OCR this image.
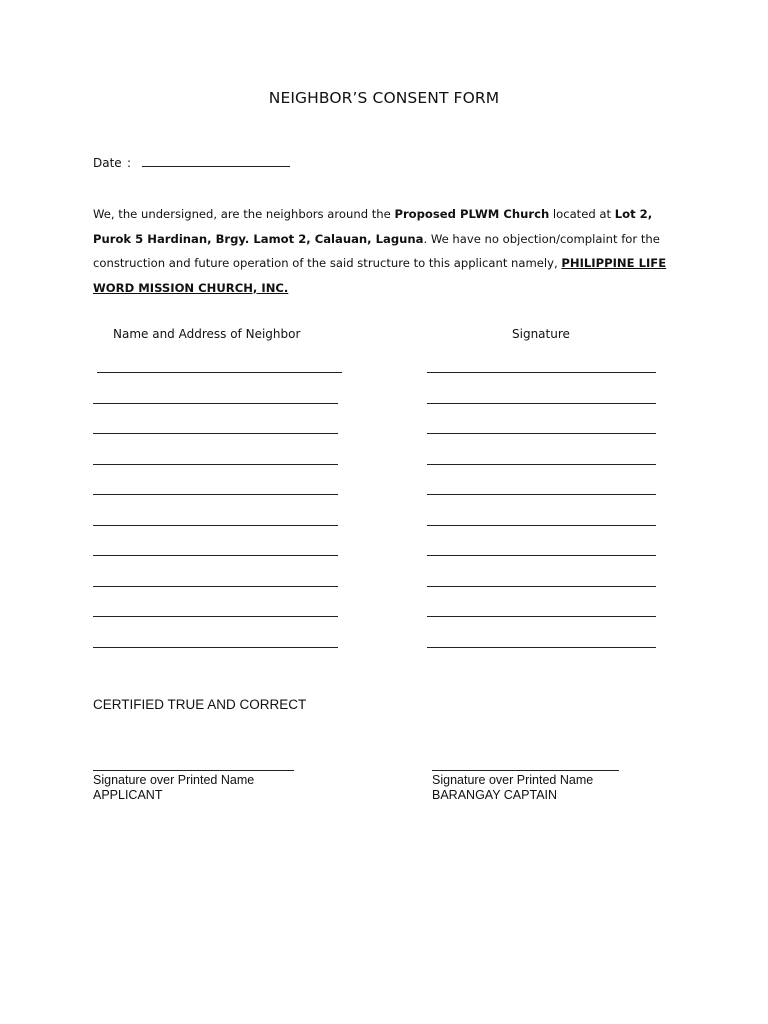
NEIGHBOR’S CONSENT FORM
Date :
We, the undersigned, are the neighbors around the Proposed PLWM Church located at Lot 2, Purok 5 Hardinan, Brgy. Lamot 2, Calauan, Laguna. We have no objection/complaint for the construction and future operation of the said structure to this applicant namely, PHILIPPINE LIFE WORD MISSION CHURCH, INC.
Name and Address of Neighbor	Signature
CERTIFIED TRUE AND CORRECT
Signature over Printed Name
APPLICANT
Signature over Printed Name
BARANGAY CAPTAIN
